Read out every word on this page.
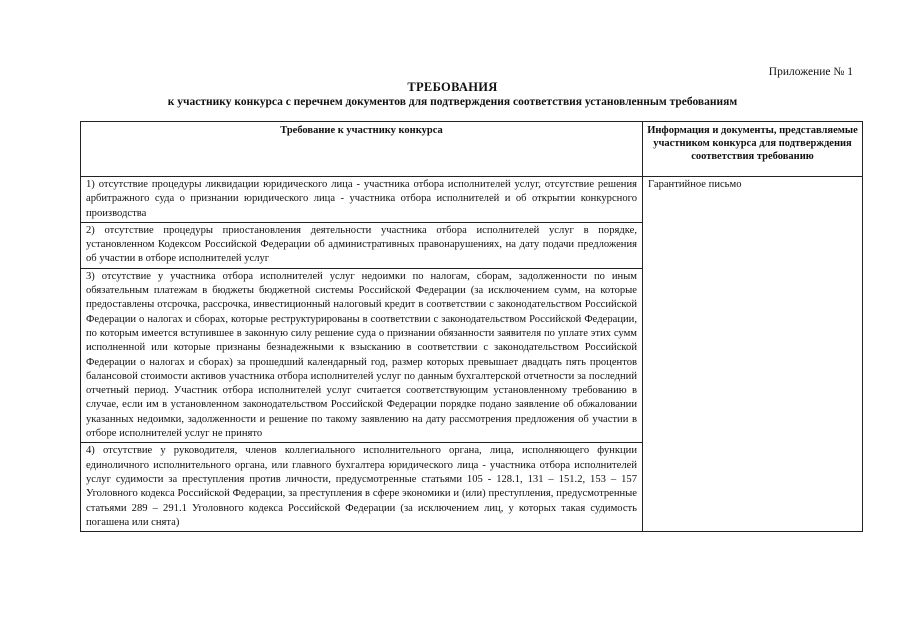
Приложение № 1
ТРЕБОВАНИЯ
к участнику конкурса с перечнем документов для подтверждения соответствия установленным требованиям
Требование к участнику конкурса	Информация и документы, представляемые участником конкурса для подтверждения соответствия требованию

1) отсутствие процедуры ликвидации юридического лица - участника отбора исполнителей услуг, отсутствие решения арбитражного суда о признании юридического лица - участника отбора исполнителей и об открытии конкурсного производства	Гарантийное письмо

2) отсутствие процедуры приостановления деятельности участника отбора исполнителей услуг в порядке, установленном Кодексом Российской Федерации об административных правонарушениях, на дату подачи предложения об участии в отборе исполнителей услуг	

3) отсутствие у участника отбора исполнителей услуг недоимки по налогам, сборам, задолженности по иным обязательным платежам в бюджеты бюджетной системы Российской Федерации (за исключением сумм, на которые предоставлены отсрочка, рассрочка, инвестиционный налоговый кредит в соответствии с законодательством Российской Федерации о налогах и сборах, которые реструктурированы в соответствии с законодательством Российской Федерации, по которым имеется вступившее в законную силу решение суда о признании обязанности заявителя по уплате этих сумм исполненной или которые признаны безнадежными к взысканию в соответствии с законодательством Российской Федерации о налогах и сборах) за прошедший календарный год, размер которых превышает двадцать пять процентов балансовой стоимости активов участника отбора исполнителей услуг по данным бухгалтерской отчетности за последний отчетный период. Участник отбора исполнителей услуг считается соответствующим установленному требованию в случае, если им в установленном законодательством Российской Федерации порядке подано заявление об обжаловании указанных недоимки, задолженности и решение по такому заявлению на дату рассмотрения предложения об участии в отборе исполнителей услуг не принято	

4) отсутствие у руководителя, членов коллегиального исполнительного органа, лица, исполняющего функции единоличного исполнительного органа, или главного бухгалтера юридического лица - участника отбора исполнителей услуг судимости за преступления против личности, предусмотренные статьями 105 - 128.1, 131 – 151.2, 153 – 157 Уголовного кодекса Российской Федерации, за преступления в сфере экономики и (или) преступления, предусмотренные статьями 289 – 291.1 Уголовного кодекса Российской Федерации (за исключением лиц, у которых такая судимость погашена или снята)	
